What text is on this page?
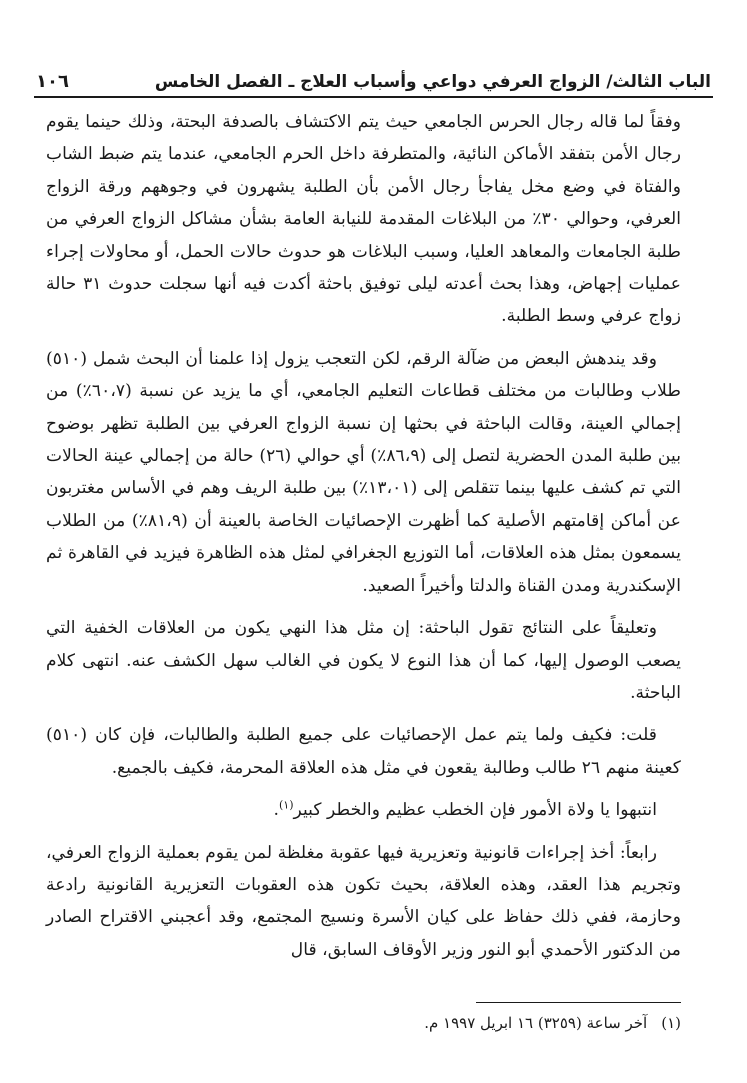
الباب الثالث/ الزواج العرفي دواعي وأسباب العلاج ـ الفصل الخامس
١٠٦

وفقاً لما قاله رجال الحرس الجامعي حيث يتم الاكتشاف بالصدفة البحتة، وذلك حينما يقوم رجال الأمن بتفقد الأماكن النائية، والمتطرفة داخل الحرم الجامعي، عندما يتم ضبط الشاب والفتاة في وضع مخل يفاجأ رجال الأمن بأن الطلبة يشهرون في وجوههم ورقة الزواج العرفي، وحوالي ٣٠٪ من البلاغات المقدمة للنيابة العامة بشأن مشاكل الزواج العرفي من طلبة الجامعات والمعاهد العليا، وسبب البلاغات هو حدوث حالات الحمل، أو محاولات إجراء عمليات إجهاض، وهذا بحث أعدته ليلى توفيق باحثة أكدت فيه أنها سجلت حدوث ٣١ حالة زواج عرفي وسط الطلبة.

وقد يندهش البعض من ضآلة الرقم، لكن التعجب يزول إذا علمنا أن البحث شمل (٥١٠) طلاب وطالبات من مختلف قطاعات التعليم الجامعي، أي ما يزيد عن نسبة (٦٠،٧٪) من إجمالي العينة، وقالت الباحثة في بحثها إن نسبة الزواج العرفي بين الطلبة تظهر بوضوح بين طلبة المدن الحضرية لتصل إلى (٨٦،٩٪) أي حوالي (٢٦) حالة من إجمالي عينة الحالات التي تم كشف عليها بينما تتقلص إلى (١٣،٠١٪) بين طلبة الريف وهم في الأساس مغتربون عن أماكن إقامتهم الأصلية كما أظهرت الإحصائيات الخاصة بالعينة أن (٨١،٩٪) من الطلاب يسمعون بمثل هذه العلاقات، أما التوزيع الجغرافي لمثل هذه الظاهرة فيزيد في القاهرة ثم الإسكندرية ومدن القناة والدلتا وأخيراً الصعيد.

وتعليقاً على النتائج تقول الباحثة: إن مثل هذا النهي يكون من العلاقات الخفية التي يصعب الوصول إليها، كما أن هذا النوع لا يكون في الغالب سهل الكشف عنه. انتهى كلام الباحثة.

قلت: فكيف ولما يتم عمل الإحصائيات على جميع الطلبة والطالبات، فإن كان (٥١٠) كعينة منهم ٢٦ طالب وطالبة يقعون في مثل هذه العلاقة المحرمة، فكيف بالجميع.

انتبهوا يا ولاة الأمور فإن الخطب عظيم والخطر كبير$^{(١)}$.

رابعاً: أخذ إجراءات قانونية وتعزيرية فيها عقوبة مغلظة لمن يقوم بعملية الزواج العرفي، وتجريم هذا العقد، وهذه العلاقة، بحيث تكون هذه العقوبات التعزيرية القانونية رادعة وحازمة، ففي ذلك حفاظ على كيان الأسرة ونسيج المجتمع، وقد أعجبني الاقتراح الصادر من الدكتور الأحمدي أبو النور وزير الأوقاف السابق، قال

(١)
آخر ساعة (٣٢٥٩) ١٦ ابريل ١٩٩٧ م.
